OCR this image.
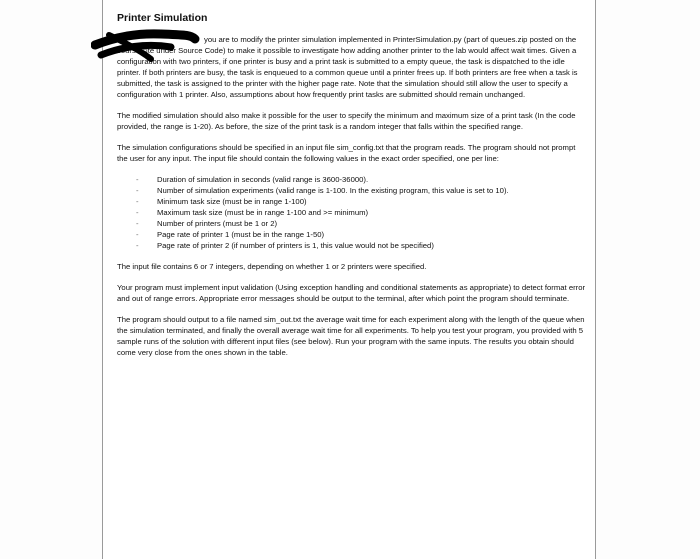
Printer Simulation

you are to modify the printer simulation implemented in PrinterSimulation.py (part of queues.zip posted on the course site under Source Code) to make it possible to investigate how adding another printer to the lab would affect wait times. Given a configuration with two printers, if one printer is busy and a print task is submitted to a empty queue, the task is dispatched to the idle printer. If both printers are busy, the task is enqueued to a common queue until a printer frees up. If both printers are free when a task is submitted, the task is assigned to the printer with the higher page rate. Note that the simulation should still allow the user to specify a configuration with 1 printer. Also, assumptions about how frequently print tasks are submitted should remain unchanged.

The modified simulation should also make it possible for the user to specify the minimum and maximum size of a print task (In the code provided, the range is 1-20). As before, the size of the print task is a random integer that falls within the specified range.

The simulation configurations should be specified in an input file sim_config.txt that the program reads. The program should not prompt the user for any input. The input file should contain the following values in the exact order specified, one per line:

- Duration of simulation in seconds (valid range is 3600-36000).
- Number of simulation experiments (valid range is 1-100. In the existing program, this value is set to 10).
- Minimum task size (must be in range 1-100)
- Maximum task size (must be in range 1-100 and >= minimum)
- Number of printers (must be 1 or 2)
- Page rate of printer 1 (must be in the range 1-50)
- Page rate of printer 2 (if number of printers is 1, this value would not be specified)

The input file contains 6 or 7 integers, depending on whether 1 or 2 printers were specified.

Your program must implement input validation (Using exception handling and conditional statements as appropriate) to detect format error and out of range errors. Appropriate error messages should be output to the terminal, after which point the program should terminate.

The program should output to a file named sim_out.txt the average wait time for each experiment along with the length of the queue when the simulation terminated, and finally the overall average wait time for all experiments. To help you test your program, you provided with 5 sample runs of the solution with different input files (see below). Run your program with the same inputs. The results you obtain should come very close from the ones shown in the table.
